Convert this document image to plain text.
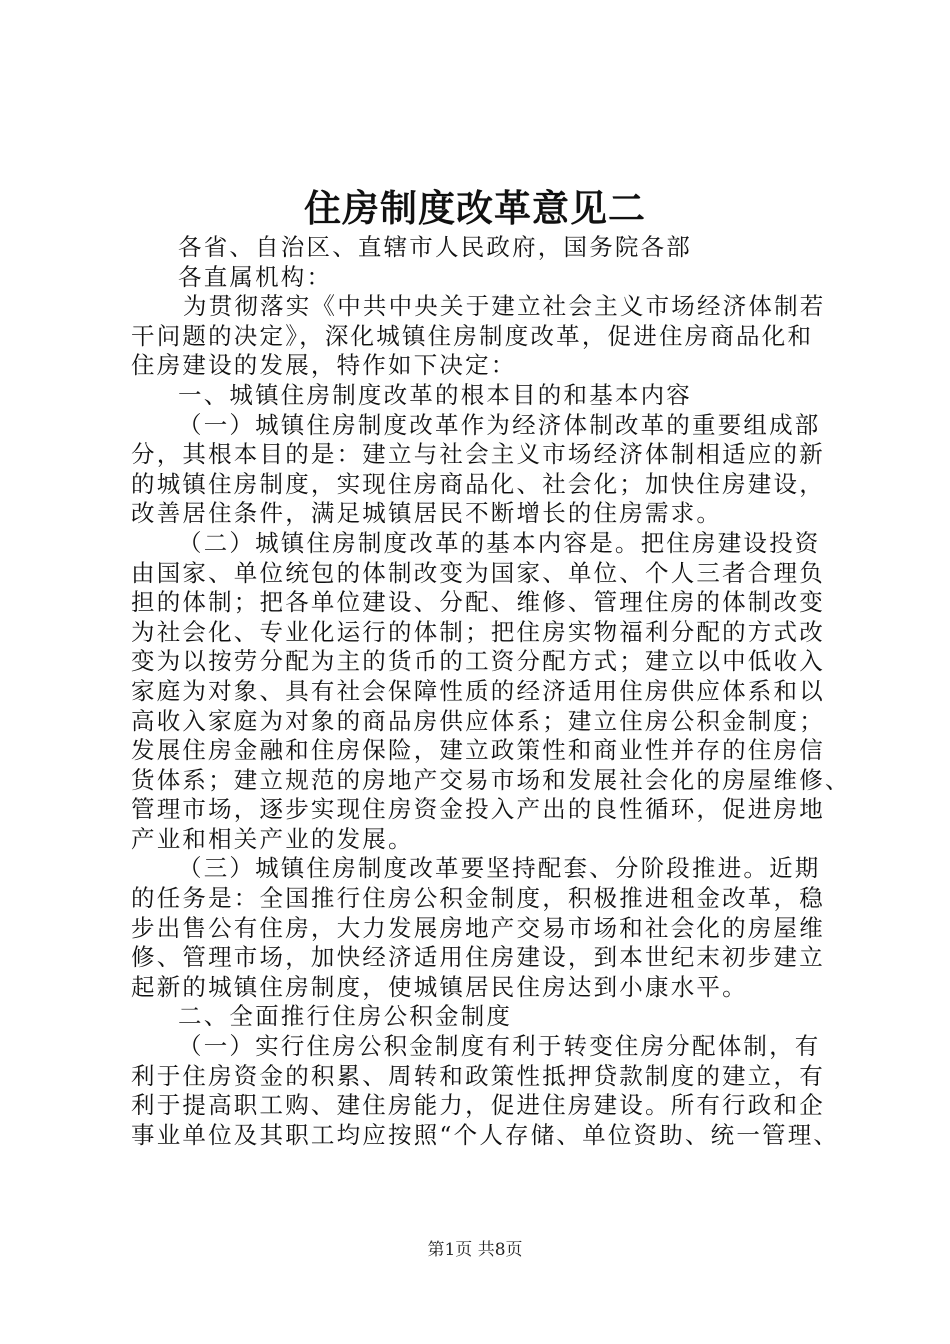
住房制度改革意见二

各省、自治区、直辖市人民政府，国务院各部

各直属机构：

为贯彻落实《中共中央关于建立社会主义市场经济体制若
干问题的决定》，深化城镇住房制度改革，促进住房商品化和
住房建设的发展，特作如下决定：

一、城镇住房制度改革的根本目的和基本内容

（一）城镇住房制度改革作为经济体制改革的重要组成部
分，其根本目的是：建立与社会主义市场经济体制相适应的新
的城镇住房制度，实现住房商品化、社会化；加快住房建设，
改善居住条件，满足城镇居民不断增长的住房需求。

（二）城镇住房制度改革的基本内容是。把住房建设投资
由国家、单位统包的体制改变为国家、单位、个人三者合理负
担的体制；把各单位建设、分配、维修、管理住房的体制改变
为社会化、专业化运行的体制；把住房实物福利分配的方式改
变为以按劳分配为主的货币的工资分配方式；建立以中低收入
家庭为对象、具有社会保障性质的经济适用住房供应体系和以
高收入家庭为对象的商品房供应体系；建立住房公积金制度；
发展住房金融和住房保险，建立政策性和商业性并存的住房信
货体系；建立规范的房地产交易市场和发展社会化的房屋维修、
管理市场，逐步实现住房资金投入产出的良性循环，促进房地
产业和相关产业的发展。

（三）城镇住房制度改革要坚持配套、分阶段推进。近期
的任务是：全国推行住房公积金制度，积极推进租金改革，稳
步出售公有住房，大力发展房地产交易市场和社会化的房屋维
修、管理市场，加快经济适用住房建设，到本世纪末初步建立
起新的城镇住房制度，使城镇居民住房达到小康水平。

二、全面推行住房公积金制度

（一）实行住房公积金制度有利于转变住房分配体制，有
利于住房资金的积累、周转和政策性抵押贷款制度的建立，有
利于提高职工购、建住房能力，促进住房建设。所有行政和企
事业单位及其职工均应按照“个人存储、单位资助、统一管理、

第1页 共8页
